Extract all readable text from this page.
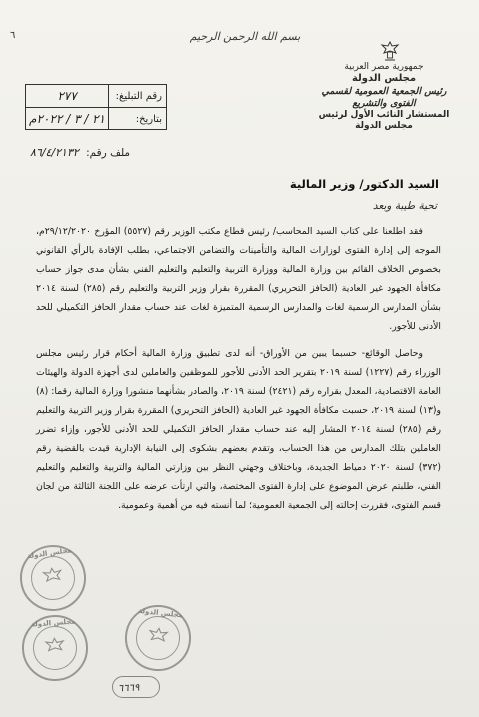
٦	بسم الله الرحمن الرحيم
جمهورية مصر العربية
مجلس الدولة
رئيس الجمعية العمومية لقسمي الفتوى والتشريع
المستشار النائب الأول لرئيس مجلس الدولة
رقم التبليغ:
٢٧٧
بتاريخ:
٢١ / ٣ / ٢٠٢٢م
ملف رقم: ٨٦/٤/٢١٣٢
السيد الدكتور/ وزير المالية
تحية طيبة وبعد

فقد اطلعنا على كتاب السيد المحاسب/ رئيس قطاع مكتب الوزير رقم (٥٥٢٧) المؤرخ ٢٩/١٢/٢٠٢٠م، الموجه إلى إدارة الفتوى لوزارات المالية والتأمينات والتضامن الاجتماعي، بطلب الإفادة بالرأي القانوني بخصوص الخلاف القائم بين وزارة المالية ووزارة التربية والتعليم والتعليم الفني بشأن مدى جواز حساب مكافأة الجهود غير العادية (الحافز التحريري) المقررة بقرار وزير التربية والتعليم رقم (٢٨٥) لسنة ٢٠١٤ بشأن المدارس الرسمية لغات والمدارس الرسمية المتميزة لغات عند حساب مقدار الحافز التكميلي للحد الأدنى للأجور.

وحاصل الوقائع- حسبما يبين من الأوراق- أنه لدى تطبيق وزارة المالية أحكام قرار رئيس مجلس الوزراء رقم (١٢٢٧) لسنة ٢٠١٩ بتقرير الحد الأدنى للأجور للموظفين والعاملين لدى أجهزة الدولة والهيئات العامة الاقتصادية، المعدل بقراره رقم (٢٤٢١) لسنة ٢٠١٩، والصادر بشأنهما منشورا وزارة المالية رقما: (٨) و(١٣) لسنة ٢٠١٩، حسبت مكافأة الجهود غير العادية (الحافز التحريري) المقررة بقرار وزير التربية والتعليم رقم (٢٨٥) لسنة ٢٠١٤ المشار إليه عند حساب مقدار الحافز التكميلي للحد الأدنى للأجور، وإزاء تضرر العاملين بتلك المدارس من هذا الحساب، وتقدم بعضهم بشكوى إلى النيابة الإدارية قيدت بالقضية رقم (٣٧٢) لسنة ٢٠٢٠ دمياط الجديدة، وباختلاف وجهتي النظر بين وزارتي المالية والتربية والتعليم والتعليم الفني، طلبتم عرض الموضوع على إدارة الفتوى المختصة، والتي ارتأت عرضه على اللجنة الثالثة من لجان قسم الفتوى، فقررت إحالته إلى الجمعية العمومية؛ لما أنسته فيه من أهمية وعمومية.

مجلس الدولة
مجلس الدولة
مجلس الدولة
٦٦٦٩
